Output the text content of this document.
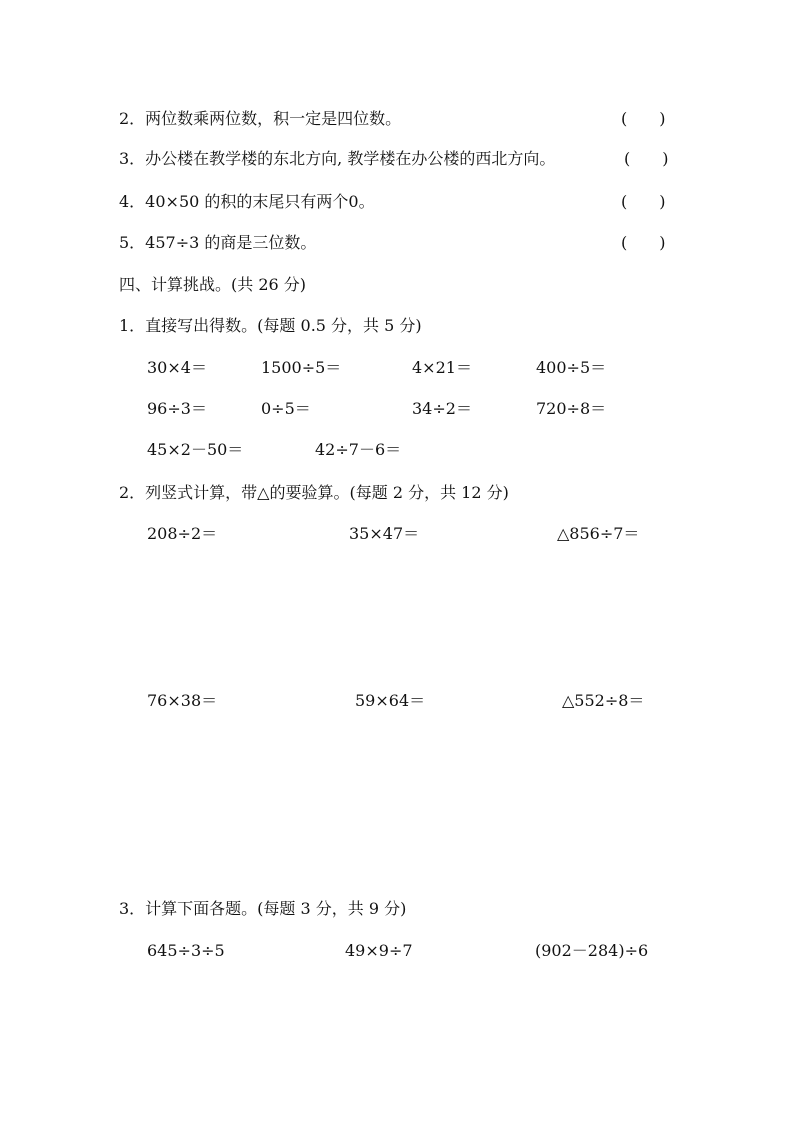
2．两位数乘两位数，积一定是四位数。	(　　)
3．办公楼在教学楼的东北方向, 教学楼在办公楼的西北方向。	(　　)
4．40×50 的积的末尾只有两个0。	(　　)
5．457÷3 的商是三位数。	(　　)
四、计算挑战。(共 26 分)
1．直接写出得数。(每题 0.5 分，共 5 分)
30×4＝	1500÷5＝	4×21＝	400÷5＝
96÷3＝	0÷5＝	34÷2＝	720÷8＝
45×2－50＝	42÷7－6＝
2．列竖式计算，带△的要验算。(每题 2 分，共 12 分)
208÷2＝	35×47＝	△856÷7＝
76×38＝	59×64＝	△552÷8＝
3．计算下面各题。(每题 3 分，共 9 分)
645÷3÷5	49×9÷7	(902－284)÷6
